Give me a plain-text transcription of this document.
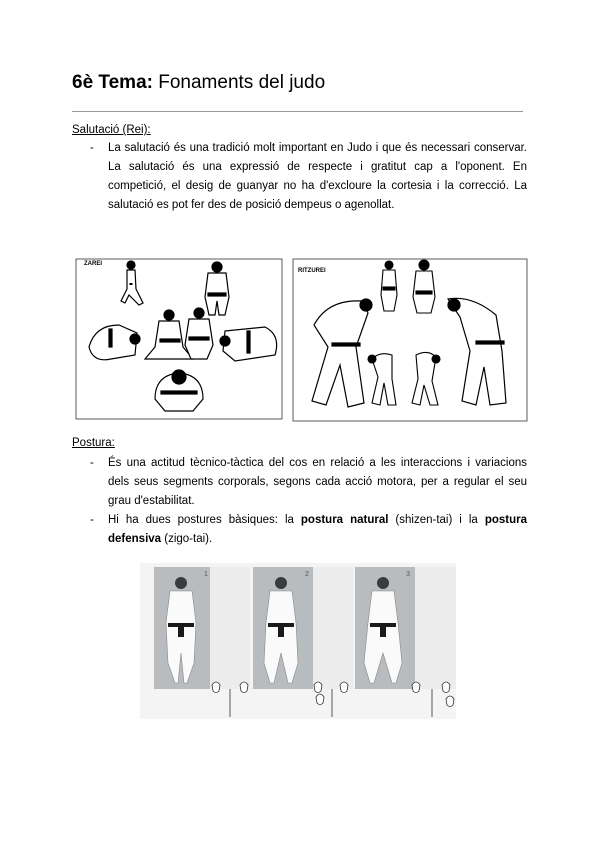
6è Tema: Fonaments del judo
Salutació (Rei):
- La salutació és una tradició molt important en Judo i que és necessari conservar. La salutació és una expressió de respecte i gratitut cap a l'oponent. En competició, el desig de guanyar no ha d'excloure la cortesia i la correcció. La salutació es pot fer des de posició dempeus o agenollat.
ZAREI
RITZUREI
Postura:
- És una actitud tècnico-tàctica del cos en relació a les interaccions i variacions dels seus segments corporals, segons cada acció motora, per a regular el seu grau d'estabilitat.
- Hi ha dues postures bàsiques: la postura natural (shizen-tai) i la postura defensiva (zigo-tai).
1	2	3
